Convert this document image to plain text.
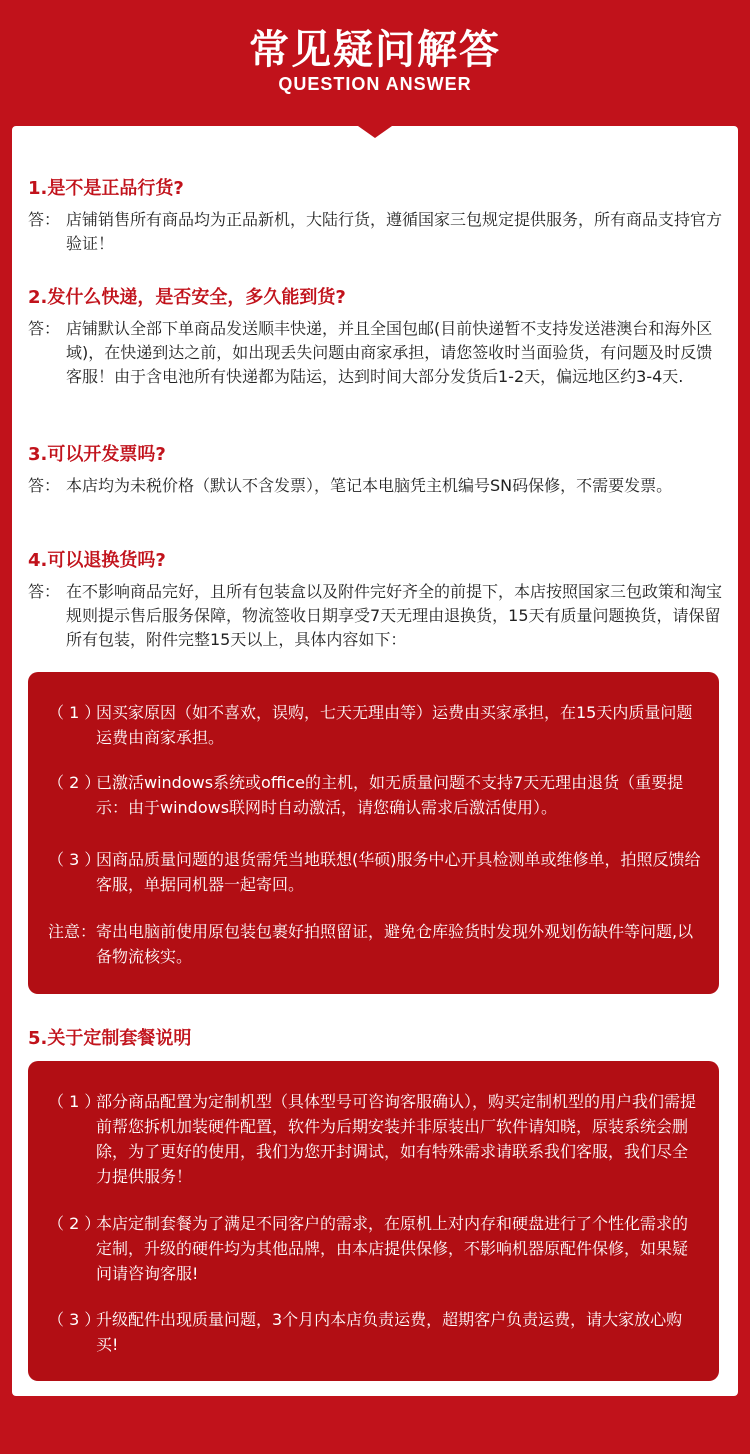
常见疑问解答
QUESTION ANSWER
1.是不是正品行货?
答： 店铺销售所有商品均为正品新机，大陆行货，遵循国家三包规定提供服务，所有商品支持官方验证！
2.发什么快递，是否安全，多久能到货?
答： 店铺默认全部下单商品发送顺丰快递，并且全国包邮(目前快递暂不支持发送港澳台和海外区域)，在快递到达之前，如出现丢失问题由商家承担，请您签收时当面验货，有问题及时反馈客服！由于含电池所有快递都为陆运，达到时间大部分发货后1-2天，偏远地区约3-4天.
3.可以开发票吗?
答： 本店均为未税价格（默认不含发票），笔记本电脑凭主机编号SN码保修，不需要发票。
4.可以退换货吗?
答： 在不影响商品完好，且所有包装盒以及附件完好齐全的前提下，本店按照国家三包政策和淘宝规则提示售后服务保障，物流签收日期享受7天无理由退换货，15天有质量问题换货，请保留所有包装，附件完整15天以上，具体内容如下：
（ 1 ）
因买家原因（如不喜欢，误购，七天无理由等）运费由买家承担，在15天内质量问题运费由商家承担。
（ 2 ）
已激活windows系统或office的主机，如无质量问题不支持7天无理由退货（重要提示：由于windows联网时自动激活，请您确认需求后激活使用）。
（ 3 ）
因商品质量问题的退货需凭当地联想(华硕)服务中心开具检测单或维修单，拍照反馈给客服，单据同机器一起寄回。
注意： 寄出电脑前使用原包装包裹好拍照留证，避免仓库验货时发现外观划伤缺件等问题,以备物流核实。
5.关于定制套餐说明
（ 1 ）
部分商品配置为定制机型（具体型号可咨询客服确认），购买定制机型的用户我们需提前帮您拆机加装硬件配置，软件为后期安装并非原装出厂软件请知晓，原装系统会删除，为了更好的使用，我们为您开封调试，如有特殊需求请联系我们客服，我们尽全力提供服务！
（ 2 ）
本店定制套餐为了满足不同客户的需求，在原机上对内存和硬盘进行了个性化需求的定制，升级的硬件均为其他品牌，由本店提供保修，不影响机器原配件保修，如果疑问请咨询客服!
（ 3 ）
升级配件出现质量问题，3个月内本店负责运费，超期客户负责运费，请大家放心购买!
